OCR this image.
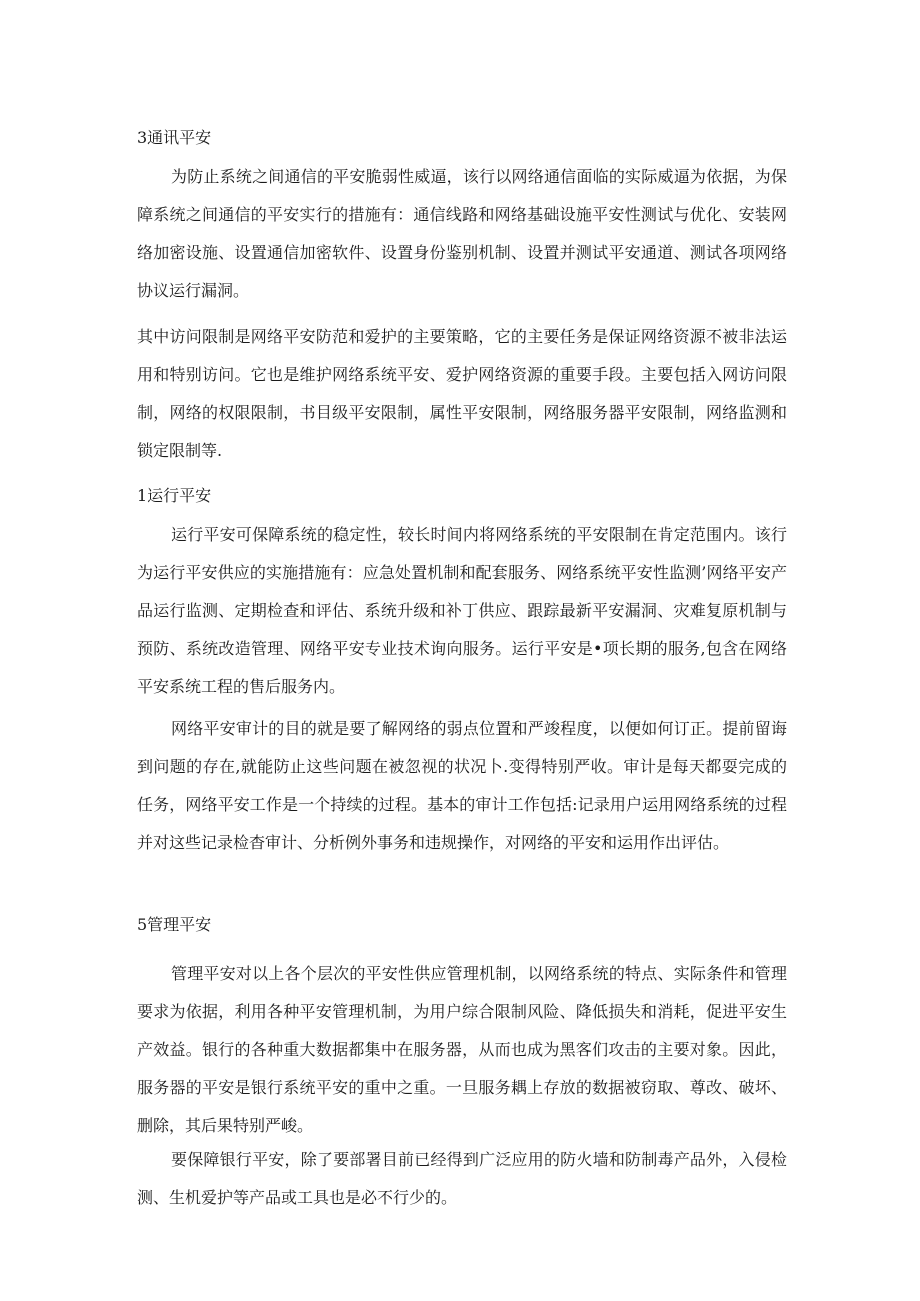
3通讯平安

为防止系统之间通信的平安脆弱性威逼，该行以网络通信面临的实际威逼为依据，为保障系统之间通信的平安实行的措施有：通信线路和网络基础设施平安性测试与优化、安装网络加密设施、设置通信加密软件、设置身份鉴别机制、设置并测试平安通道、测试各项网络协议运行漏洞。

其中访问限制是网络平安防范和爱护的主要策略，它的主要任务是保证网络资源不被非法运用和特别访问。它也是维护网络系统平安、爱护网络资源的重要手段。主要包括入网访问限制，网络的权限限制，书目级平安限制，属性平安限制，网络服务器平安限制，网络监测和锁定限制等.

1运行平安

运行平安可保障系统的稳定性，较长时间内将网络系统的平安限制在肯定范围内。该行为运行平安供应的实施措施有：应急处置机制和配套服务、网络系统平安性监测’网络平安产品运行监测、定期检查和评估、系统升级和补丁供应、跟踪最新平安漏洞、灾难复原机制与预防、系统改造管理、网络平安专业技术询向服务。运行平安是•项长期的服务,包含在网络平安系统工程的售后服务内。

网络平安审计的目的就是要了解网络的弱点位置和严竣程度，以便如何订正。提前留诲到问题的存在,就能防止这些问题在被忽视的状况卜.变得特别严收。审计是每天都耍完成的任务，网络平安工作是一个持续的过程。基本的审计工作包括:记录用户运用网络系统的过程并对这些记录检杳审计、分析例外事务和违规操作，对网络的平安和运用作出评估。

5管理平安

管理平安对以上各个层次的平安性供应管理机制，以网络系统的特点、实际条件和管理要求为依据，利用各种平安管理机制，为用户综合限制风险、降低损失和消耗，促进平安生产效益。银行的各种重大数据都集中在服务器，从而也成为黑客们攻击的主要对象。因此，服务器的平安是银行系统平安的重中之重。一旦服务耦上存放的数据被窃取、尊改、破坏、删除，其后果特别严峻。

要保障银行平安，除了要部署目前已经得到广泛应用的防火墙和防制毒产品外，入侵检测、生机爱护等产品或工具也是必不行少的。
